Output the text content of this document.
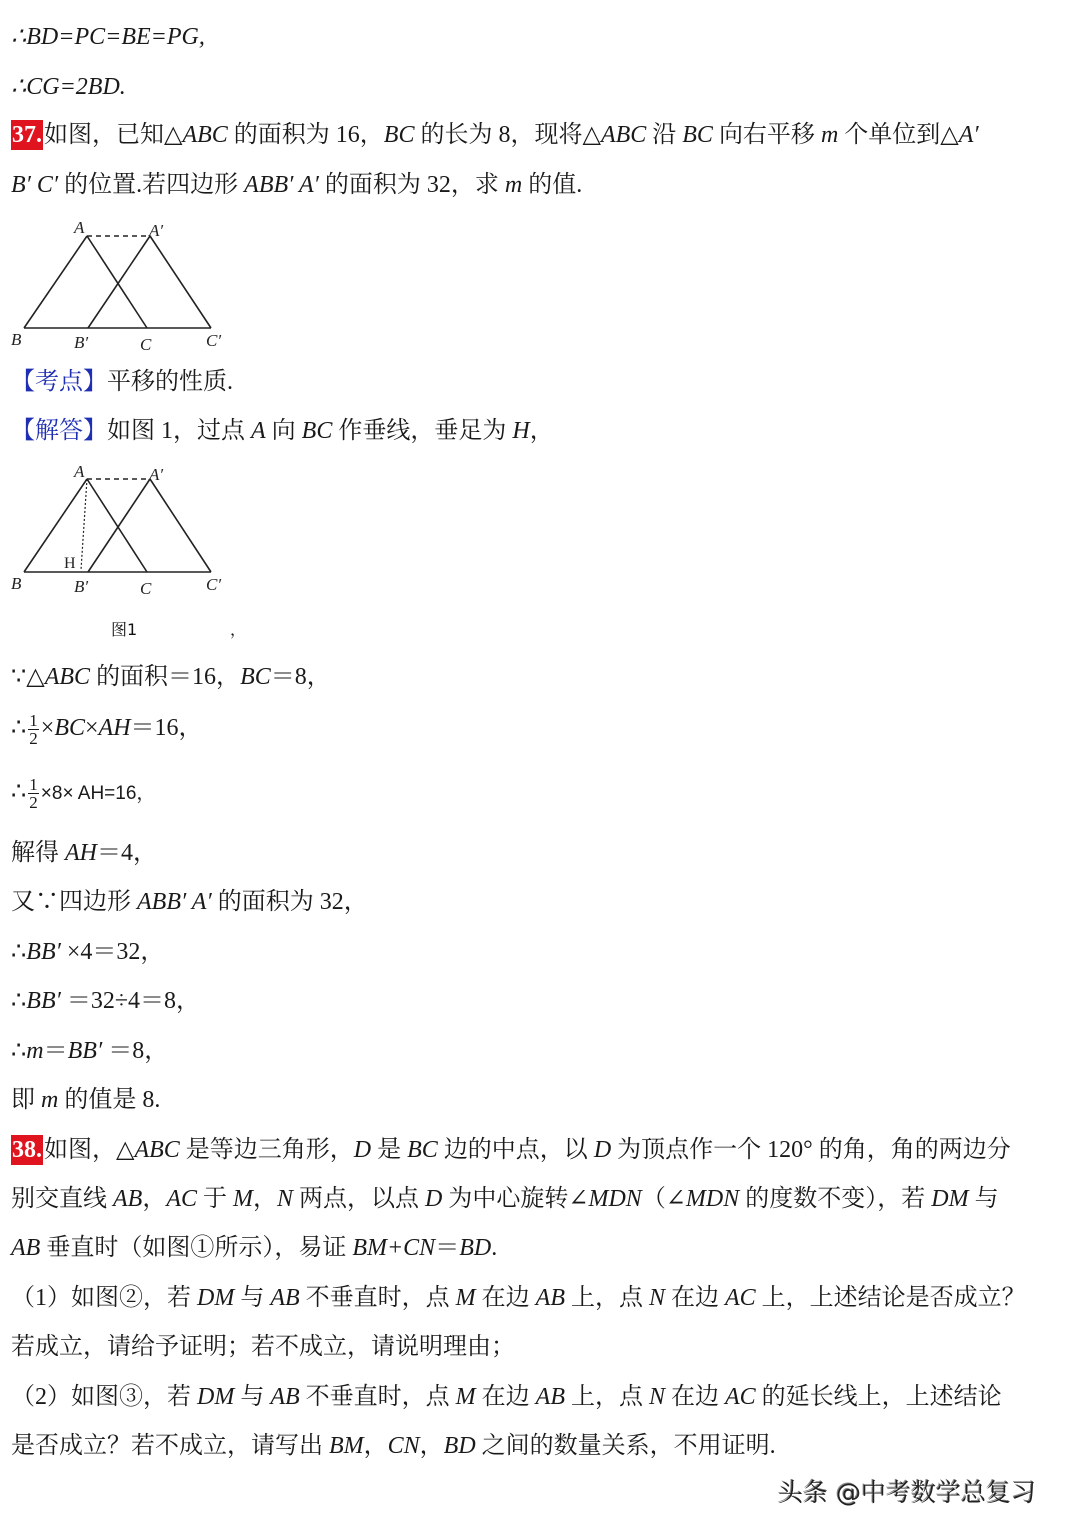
∴BD=PC=BE=PG,
∴CG=2BD.
37.如图，已知△ABC 的面积为 16，BC 的长为 8，现将△ABC 沿 BC 向右平移 m 个单位到△A′
B′ C′ 的位置.若四边形 ABB′ A′ 的面积为 32，求 m 的值.
A	A′
B	B′	C	C′
【考点】平移的性质.
【解答】如图 1，过点 A 向 BC 作垂线，垂足为 H，
A	A′
H
B	B′	C	C′
图1	，
∵△ABC 的面积＝16，BC＝8，
∴ $\frac{1}{2} \times BC\times AH=16$，
∴ $\frac{1}{2} \times 8\times AH=16$，
解得 AH＝4，
又∵四边形 ABB′ A′ 的面积为 32，
∴BB′ ×4＝32，
∴BB′ ＝32÷4＝8，
∴m＝BB′ ＝8，
即 m 的值是 8.
38.如图，△ABC 是等边三角形，D 是 BC 边的中点，以 D 为顶点作一个 120° 的角，角的两边分
别交直线 AB，AC 于 M，N 两点，以点 D 为中心旋转∠MDN（∠MDN 的度数不变），若 DM 与
AB 垂直时（如图①所示），易证 BM+CN＝BD.
（1）如图②，若 DM 与 AB 不垂直时，点 M 在边 AB 上，点 N 在边 AC 上，上述结论是否成立？
若成立，请给予证明；若不成立，请说明理由；
（2）如图③，若 DM 与 AB 不垂直时，点 M 在边 AB 上，点 N 在边 AC 的延长线上，上述结论
是否成立？若不成立，请写出 BM，CN，BD 之间的数量关系，不用证明.
头条 @中考数学总复习
